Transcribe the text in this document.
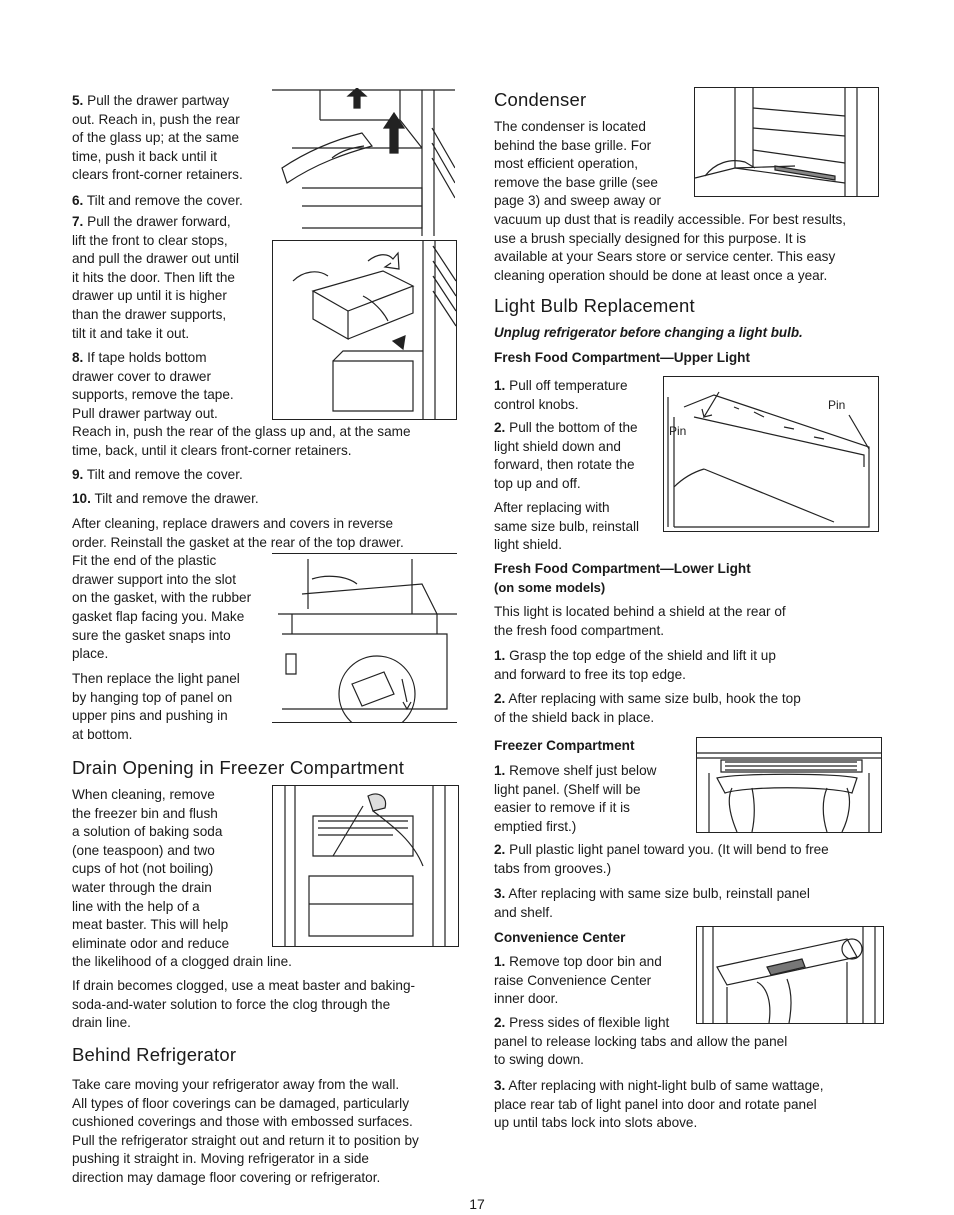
5. Pull the drawer partway
out. Reach in, push the rear
of the glass up; at the same
time, push it back until it
clears front-corner retainers.
6. Tilt and remove the cover.
7. Pull the drawer forward,
lift the front to clear stops,
and pull the drawer out until
it hits the door. Then lift the
drawer up until it is higher
than the drawer supports,
tilt it and take it out.
8. If tape holds bottom
drawer cover to drawer
supports, remove the tape.
Pull drawer partway out.
Reach in, push the rear of the glass up and, at the same
time, back, until it clears front-corner retainers.
9. Tilt and remove the cover.
10. Tilt and remove the drawer.
After cleaning, replace drawers and covers in reverse
order. Reinstall the gasket at the rear of the top drawer.
Fit the end of the plastic
drawer support into the slot
on the gasket, with the rubber
gasket flap facing you. Make
sure the gasket snaps into
place.
Then replace the light panel
by hanging top of panel on
upper pins and pushing in
at bottom.
Drain Opening in Freezer Compartment
When cleaning, remove
the freezer bin and flush
a solution of baking soda
(one teaspoon) and two
cups of hot (not boiling)
water through the drain
line with the help of a
meat baster. This will help
eliminate odor and reduce
the likelihood of a clogged drain line.
If drain becomes clogged, use a meat baster and baking-
soda-and-water solution to force the clog through the
drain line.
Behind Refrigerator
Take care moving your refrigerator away from the wall.
All types of floor coverings can be damaged, particularly
cushioned coverings and those with embossed surfaces.
Pull the refrigerator straight out and return it to position by
pushing it straight in. Moving refrigerator in a side
direction may damage floor covering or refrigerator.
Condenser
The condenser is located
behind the base grille. For
most efficient operation,
remove the base grille (see
page 3) and sweep away or
vacuum up dust that is readily accessible. For best results,
use a brush specially designed for this purpose. It is
available at your Sears store or service center. This easy
cleaning operation should be done at least once a year.
Light Bulb Replacement
Unplug refrigerator before changing a light bulb.
Fresh Food Compartment—Upper Light
1. Pull off temperature
control knobs.
2. Pull the bottom of the
light shield down and
forward, then rotate the
top up and off.
After replacing with
same size bulb, reinstall
light shield.
Pin
Pin
Fresh Food Compartment—Lower Light
(on some models)
This light is located behind a shield at the rear of
the fresh food compartment.
1. Grasp the top edge of the shield and lift it up
and forward to free its top edge.
2. After replacing with same size bulb, hook the top
of the shield back in place.
Freezer Compartment
1. Remove shelf just below
light panel. (Shelf will be
easier to remove if it is
emptied first.)
2. Pull plastic light panel toward you. (It will bend to free
tabs from grooves.)
3. After replacing with same size bulb, reinstall panel
and shelf.
Convenience Center
1. Remove top door bin and
raise Convenience Center
inner door.
2. Press sides of flexible light
panel to release locking tabs and allow the panel
to swing down.
3. After replacing with night-light bulb of same wattage,
place rear tab of light panel into door and rotate panel
up until tabs lock into slots above.
17
